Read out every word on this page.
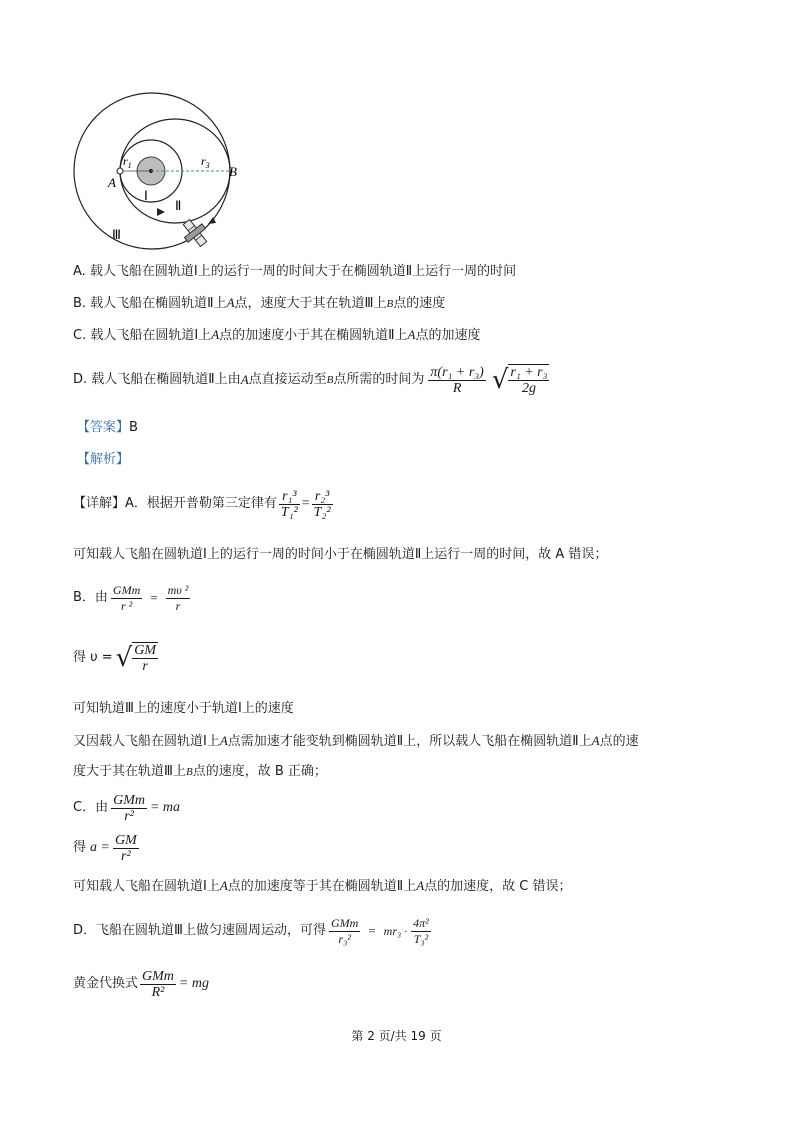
$r_1$	$r_3$
A
B
Ⅰ
Ⅱ
Ⅲ
A. 载人飞船在圆轨道Ⅰ上的运行一周的时间大于在椭圆轨道Ⅱ上运行一周的时间
B. 载人飞船在椭圆轨道Ⅱ上A点，速度大于其在轨道Ⅲ上B点的速度
C. 载人飞船在圆轨道Ⅰ上A点的加速度小于其在椭圆轨道Ⅱ上A点的加速度
D. 载人飞船在椭圆轨道Ⅱ上由 A 点直接运动至 B 点所需的时间为 $\frac{\text{π(r₁ + r₃)}}{R}$ √ $\frac{\text{r₁ + r₃}}{2g}$
【答案】B
【解析】
【详解】A．根据开普勒第三定律有 $\frac{\text{r₁³}}{\text{T₁²}} = \frac{\text{r₂³}}{\text{T₂²}}$
可知载人飞船在圆轨道Ⅰ上的运行一周的时间小于在椭圆轨道Ⅱ上运行一周的时间，故 A 错误；
B．由 $\frac{\text{GMm}}{\text{r ²}} = \frac{\text{mυ ²}}{r}$
得 υ = √ $\frac{GM}{r}$
可知轨道Ⅲ上的速度小于轨道Ⅰ上的速度
又因载人飞船在圆轨道Ⅰ上A点需加速才能变轨到椭圆轨道Ⅱ上，所以载人飞船在椭圆轨道Ⅱ上A点的速
度大于其在轨道Ⅲ上B点的速度，故 B 正确；
C．由 $\frac{\text{GMm}}{\text{r²}}$ = ma
得 $a = \frac{GM}{\text{r²}}$
可知载人飞船在圆轨道Ⅰ上A点的加速度等于其在椭圆轨道Ⅱ上A点的加速度，故 C 错误；
D．飞船在圆轨道Ⅲ上做匀速圆周运动，可得 $\frac{\text{GMm}}{\text{r₃²}} = mr_3 \cdot \frac{\text{4π²}}{\text{T₃²}}$
黄金代换式 $\frac{\text{GMm}}{\text{R²}}$ = mg
第 2 页/共 19 页
